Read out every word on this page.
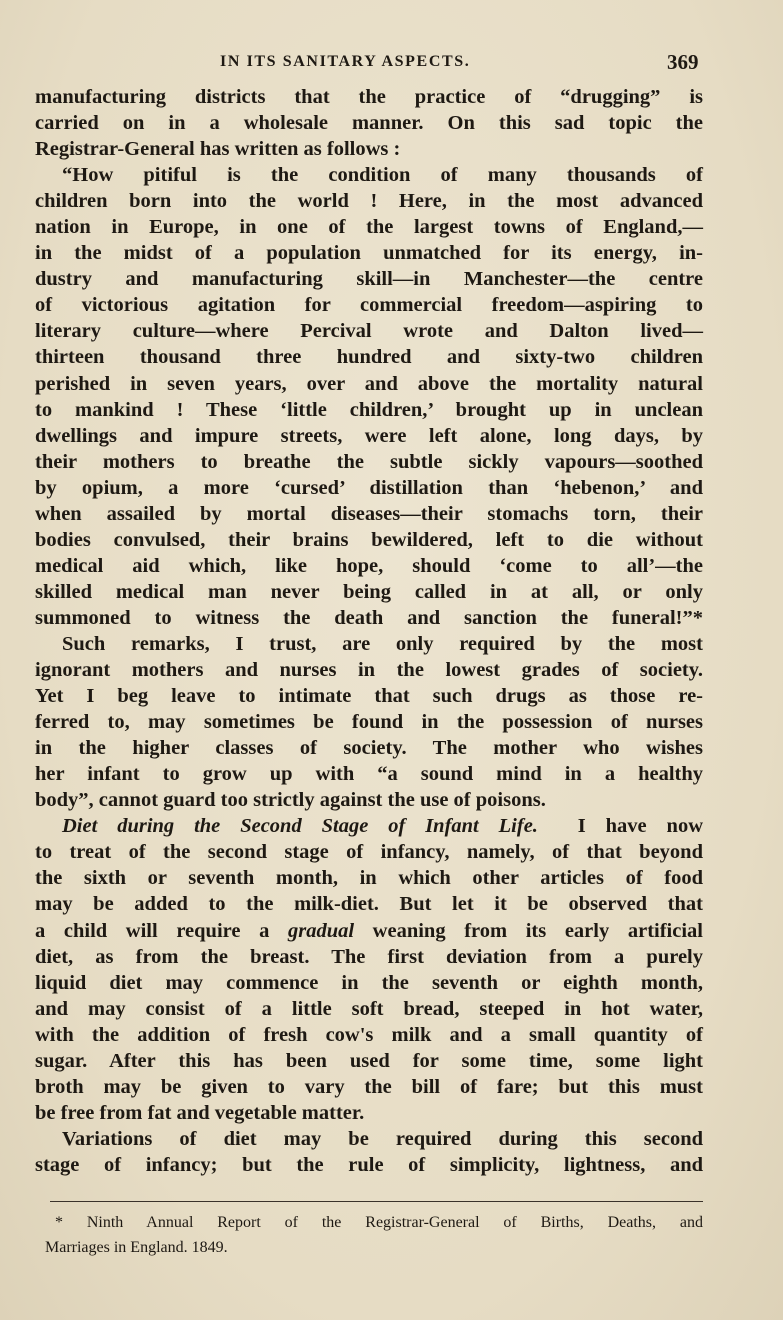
IN ITS SANITARY ASPECTS.	369
manufacturing districts that the practice of “drugging” is
carried on in a wholesale manner. On this sad topic the
Registrar-General has written as follows :
“How pitiful is the condition of many thousands of
children born into the world ! Here, in the most advanced
nation in Europe, in one of the largest towns of England,—
in the midst of a population unmatched for its energy, in-
dustry and manufacturing skill—in Manchester—the centre
of victorious agitation for commercial freedom—aspiring to
literary culture—where Percival wrote and Dalton lived—
thirteen thousand three hundred and sixty-two children
perished in seven years, over and above the mortality natural
to mankind ! These ‘little children,’ brought up in unclean
dwellings and impure streets, were left alone, long days, by
their mothers to breathe the subtle sickly vapours—soothed
by opium, a more ‘cursed’ distillation than ‘hebenon,’ and
when assailed by mortal diseases—their stomachs torn, their
bodies convulsed, their brains bewildered, left to die without
medical aid which, like hope, should ‘come to all’—the
skilled medical man never being called in at all, or only
summoned to witness the death and sanction the funeral!”*
Such remarks, I trust, are only required by the most
ignorant mothers and nurses in the lowest grades of society.
Yet I beg leave to intimate that such drugs as those re-
ferred to, may sometimes be found in the possession of nurses
in the higher classes of society. The mother who wishes
her infant to grow up with “a sound mind in a healthy
body”, cannot guard too strictly against the use of poisons.
Diet during the Second Stage of Infant Life.  I have now
to treat of the second stage of infancy, namely, of that beyond
the sixth or seventh month, in which other articles of food
may be added to the milk-diet. But let it be observed that
a child will require a gradual weaning from its early artificial
diet, as from the breast. The first deviation from a purely
liquid diet may commence in the seventh or eighth month,
and may consist of a little soft bread, steeped in hot water,
with the addition of fresh cow's milk and a small quantity of
sugar. After this has been used for some time, some light
broth may be given to vary the bill of fare; but this must
be free from fat and vegetable matter.
Variations of diet may be required during this second
stage of infancy; but the rule of simplicity, lightness, and
* Ninth Annual Report of the Registrar-General of Births, Deaths, and
Marriages in England. 1849.
